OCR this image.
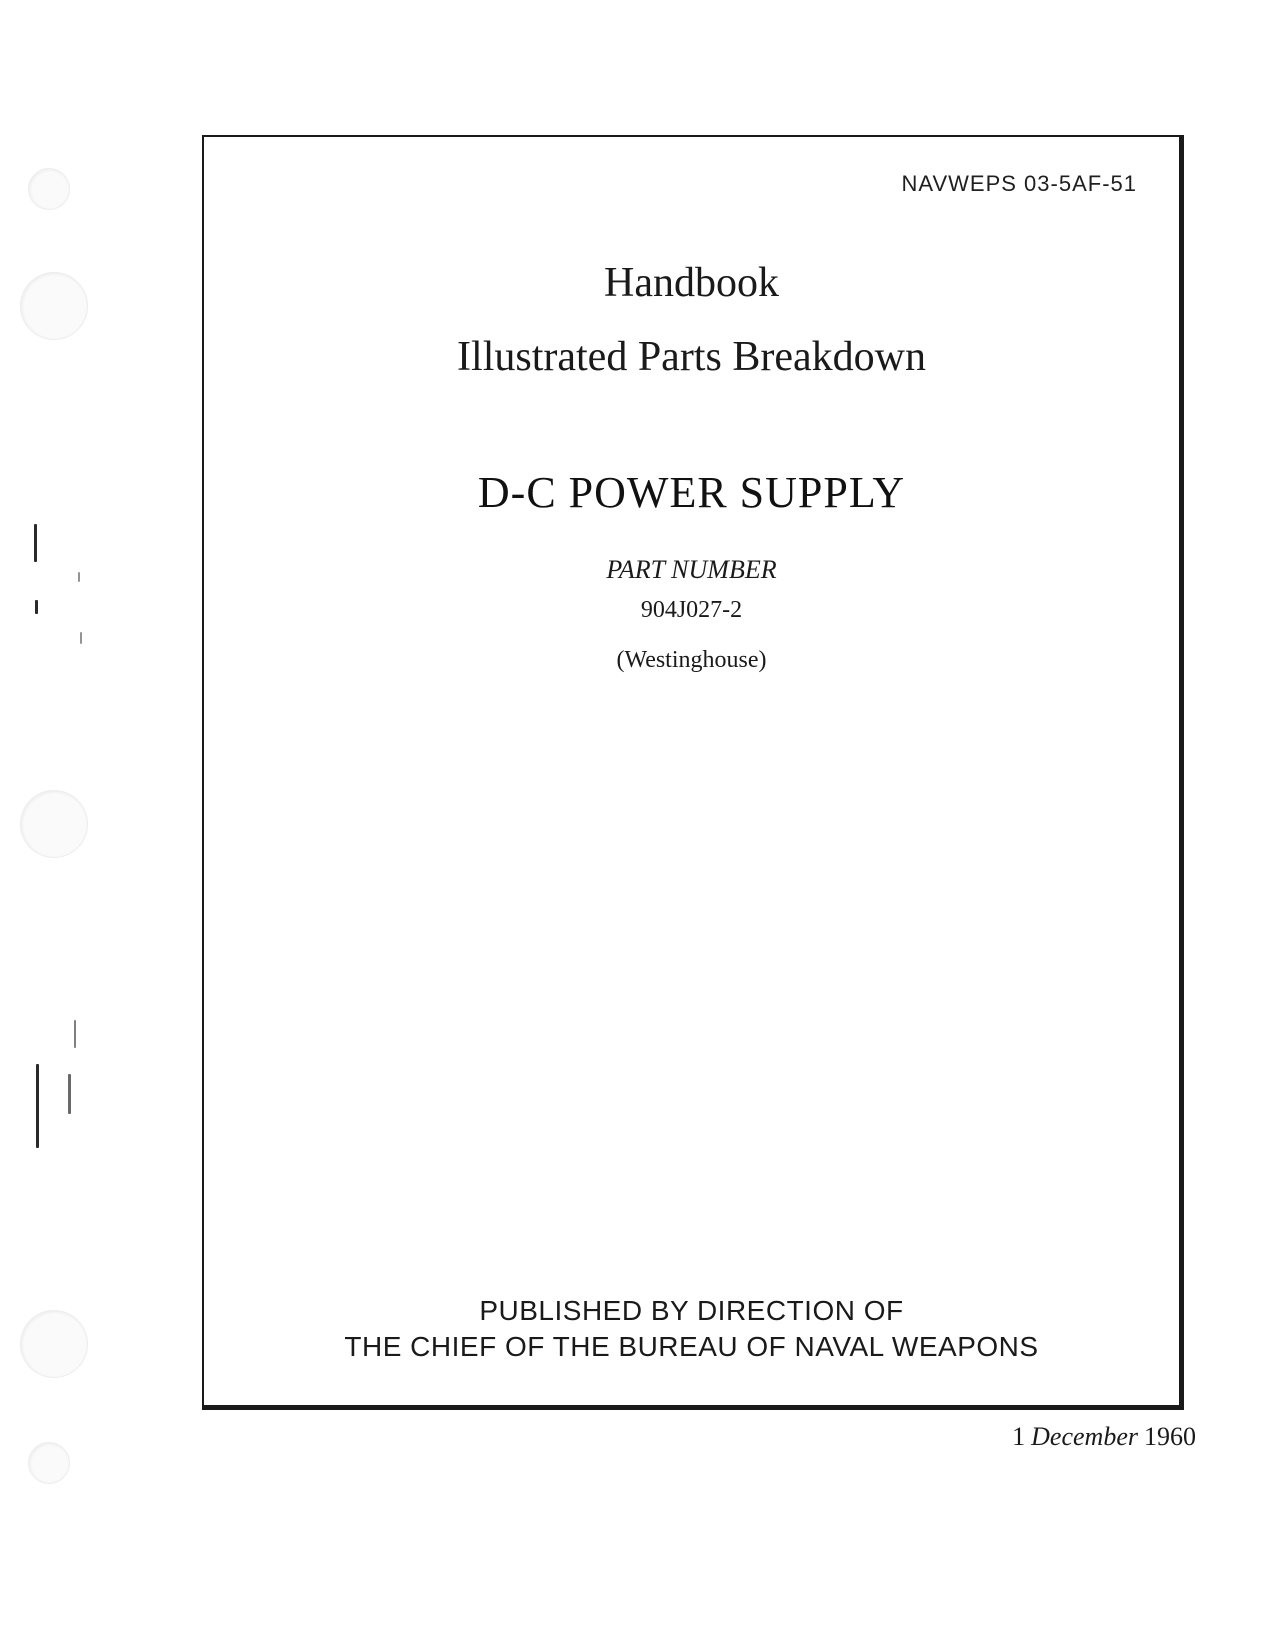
NAVWEPS 03-5AF-51
Handbook
Illustrated Parts Breakdown
D-C POWER SUPPLY
PART NUMBER
904J027-2
(Westinghouse)
PUBLISHED BY DIRECTION OF
THE CHIEF OF THE BUREAU OF NAVAL WEAPONS
1 December 1960
